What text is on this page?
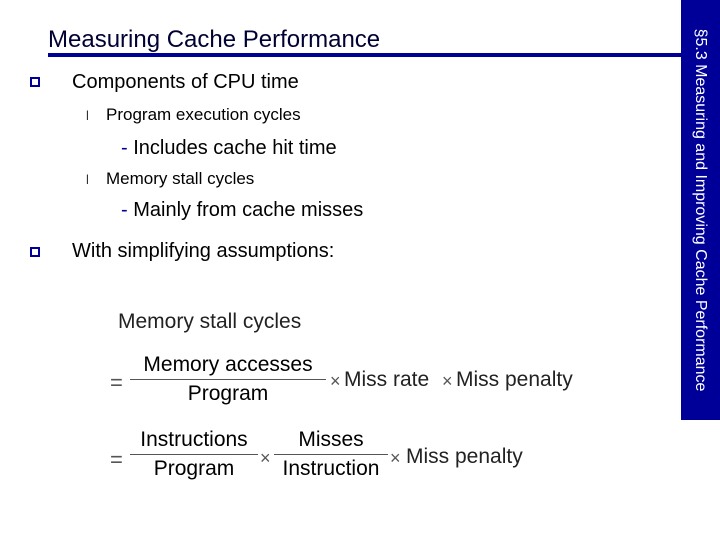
Measuring Cache Performance	§5.3 Measuring and Improving Cache Performance
Components of CPU time
l Program execution cycles
- Includes cache hit time
l Memory stall cycles
- Mainly from cache misses
With simplifying assumptions:
Memory stall cycles
=
Memory accesses
Program
× Miss rate × Miss penalty
=
Instructions
Program	×
Misses
Instruction × Miss penalty
